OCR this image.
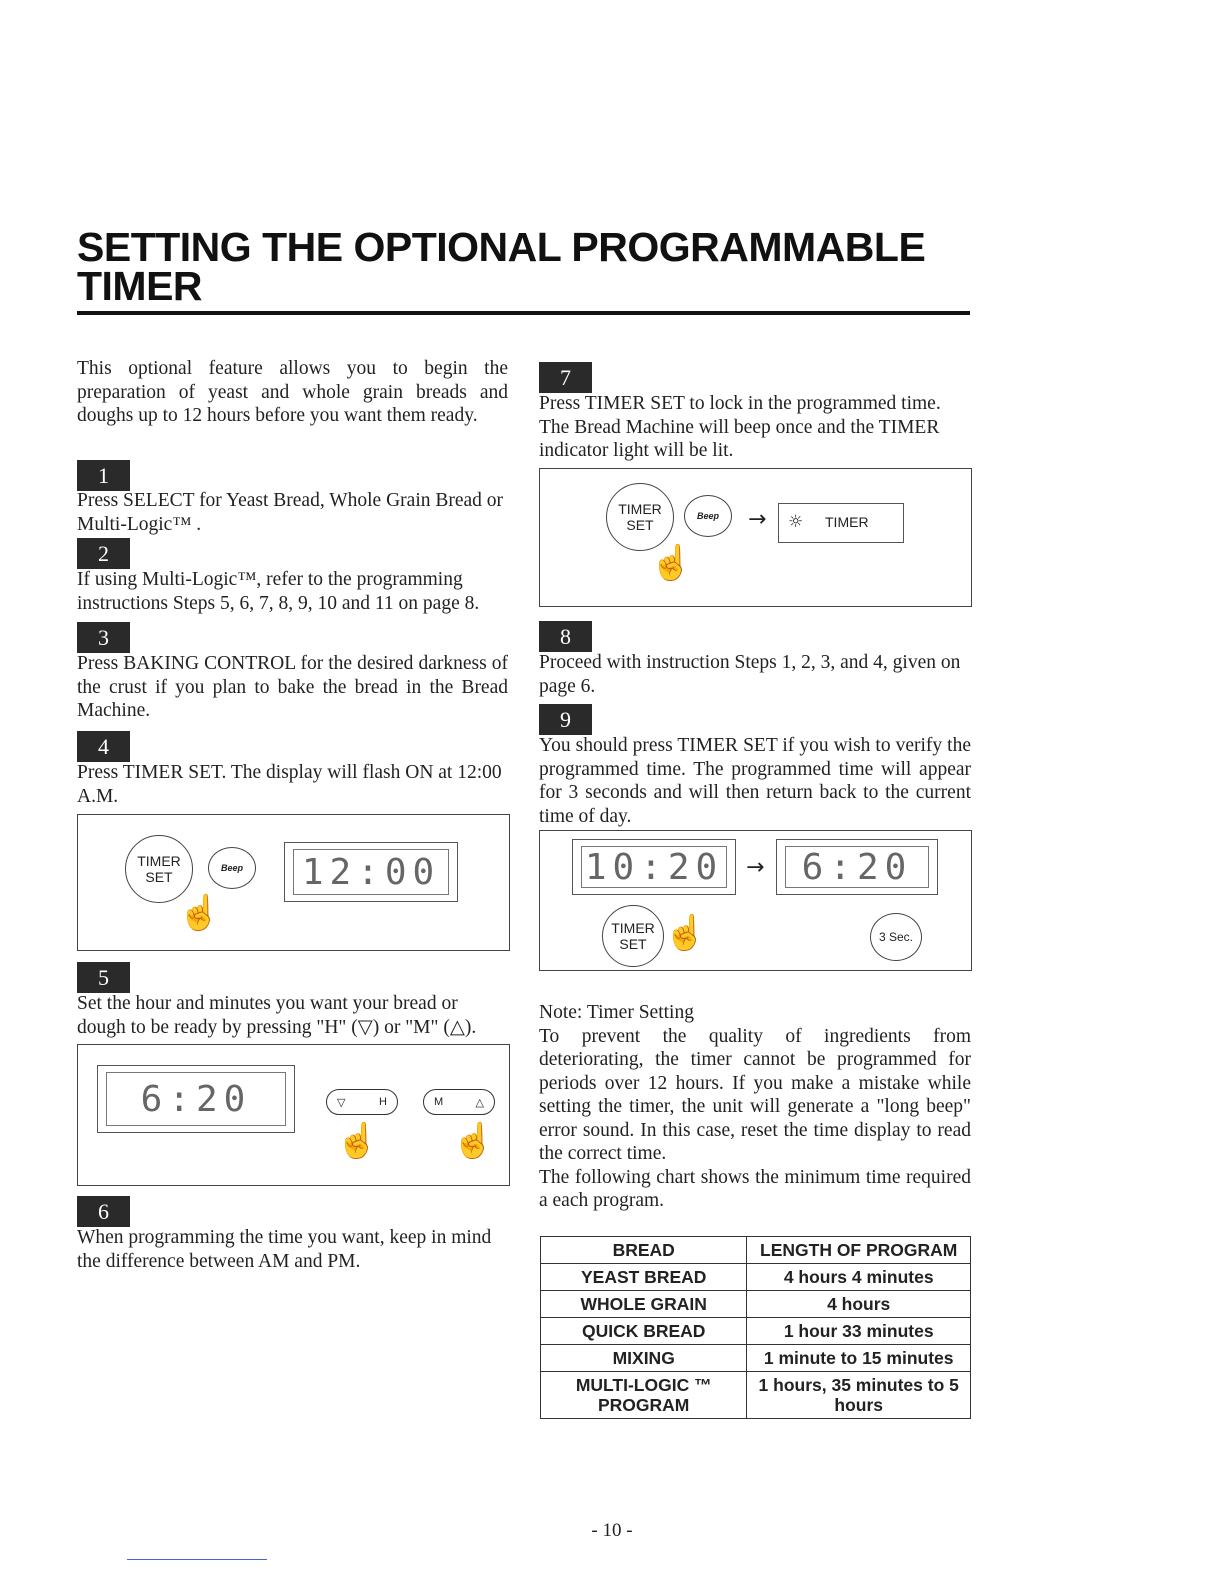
SETTING THE OPTIONAL PROGRAMMABLE TIMER

This optional feature allows you to begin the preparation of yeast and whole grain breads and doughs up to 12 hours before you want them ready.

1

Press SELECT for Yeast Bread, Whole Grain Bread or Multi-Logic™ .

2

If using Multi-Logic™, refer to the programming instructions Steps 5, 6, 7, 8, 9, 10 and 11 on page 8.

3

Press BAKING CONTROL for the desired darkness of the crust if you plan to bake the bread in the Bread Machine.

4

Press TIMER SET. The display will flash ON at 12:00 A.M.

TIMER
SET
Beep
☝
12:00
5

Set the hour and minutes you want your bread or dough to be ready by pressing "H" (▽) or "M" (△).

6:20	▽	H	M	△
☝ ☝
6

When programming the time you want, keep in mind the difference between AM and PM.

7

Press TIMER SET to lock in the programmed time. The Bread Machine will beep once and the TIMER indicator light will be lit.

TIMER
SET
Beep
☝
→ ☼ TIMER
8

Proceed with instruction Steps 1, 2, 3, and 4, given on page 6.

9

You should press TIMER SET if you wish to verify the programmed time. The programmed time will appear for 3 seconds and will then return back to the current time of day.

10:20 →	6:20
TIMER
SET ☝	3 Sec.

Note: Timer Setting

To prevent the quality of ingredients from deteriorating, the timer cannot be programmed for periods over 12 hours. If you make a mistake while setting the timer, the unit will generate a "long beep" error sound. In this case, reset the time display to read the correct time.

The following chart shows the minimum time required a each program.

BREAD	LENGTH OF PROGRAM
YEAST BREAD	4 hours 4 minutes
WHOLE GRAIN	4 hours
QUICK BREAD	1 hour 33 minutes
MIXING	1 minute to 15 minutes
MULTI-LOGIC ™ PROGRAM	1 hours, 35 minutes to 5 hours
- 10 -
